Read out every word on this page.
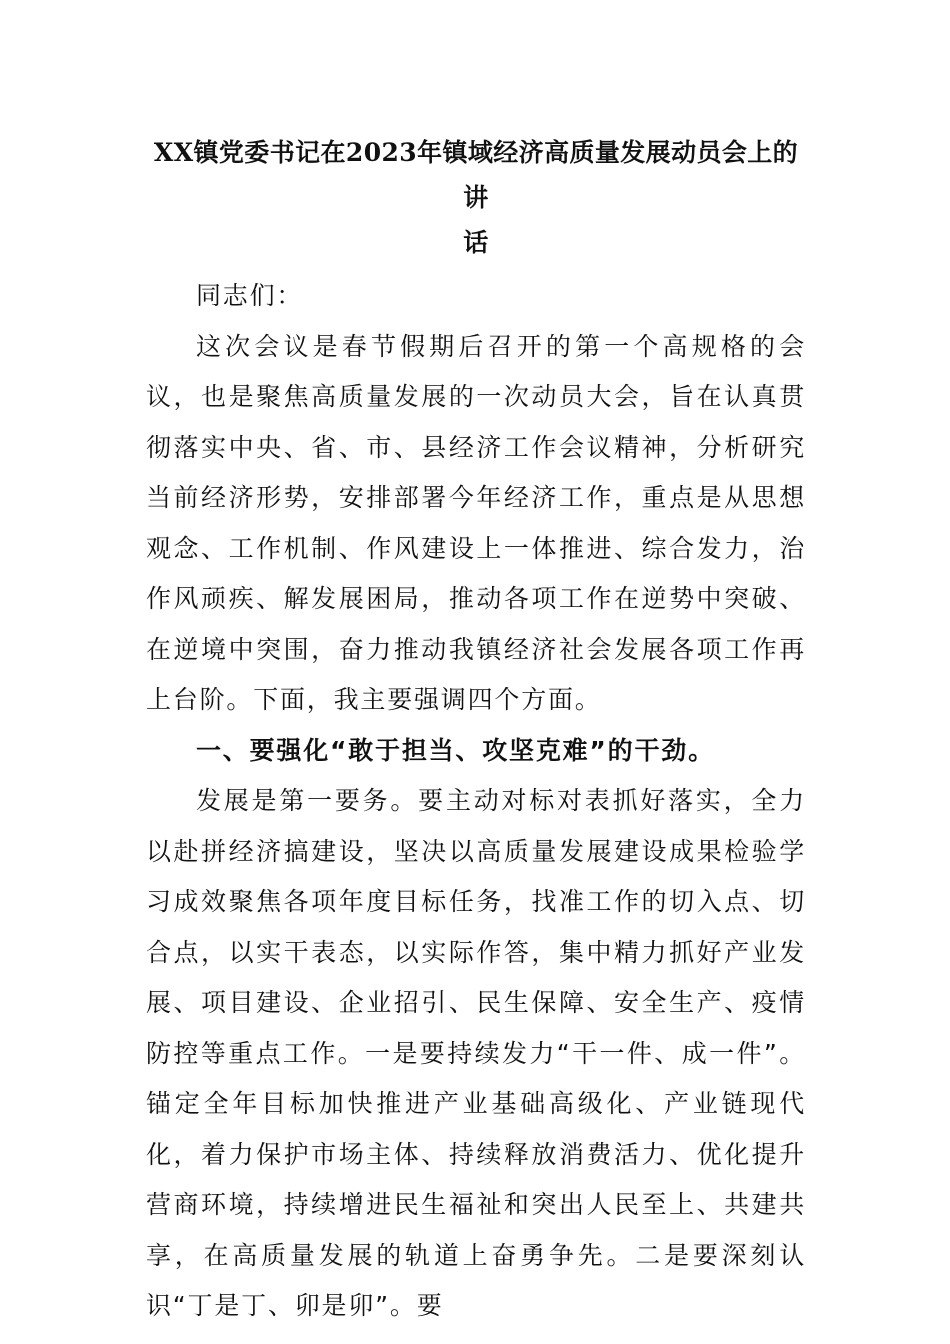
XX镇党委书记在2023年镇域经济高质量发展动员会上的讲
话

同志们：

这次会议是春节假期后召开的第一个高规格的会议，也是聚焦高质量发展的一次动员大会，旨在认真贯彻落实中央、省、市、县经济工作会议精神，分析研究当前经济形势，安排部署今年经济工作，重点是从思想观念、工作机制、作风建设上一体推进、综合发力，治作风顽疾、解发展困局，推动各项工作在逆势中突破、在逆境中突围，奋力推动我镇经济社会发展各项工作再上台阶。下面，我主要强调四个方面。

一、要强化“敢于担当、攻坚克难”的干劲。

发展是第一要务。要主动对标对表抓好落实，全力以赴拼经济搞建设，坚决以高质量发展建设成果检验学习成效聚焦各项年度目标任务，找准工作的切入点、切合点，以实干表态，以实际作答，集中精力抓好产业发展、项目建设、企业招引、民生保障、安全生产、疫情防控等重点工作。一是要持续发力“干一件、成一件”。锚定全年目标加快推进产业基础高级化、产业链现代化，着力保护市场主体、持续释放消费活力、优化提升营商环境，持续增进民生福祉和突出人民至上、共建共享，在高质量发展的轨道上奋勇争先。二是要深刻认识“丁是丁、卯是卯”。要
